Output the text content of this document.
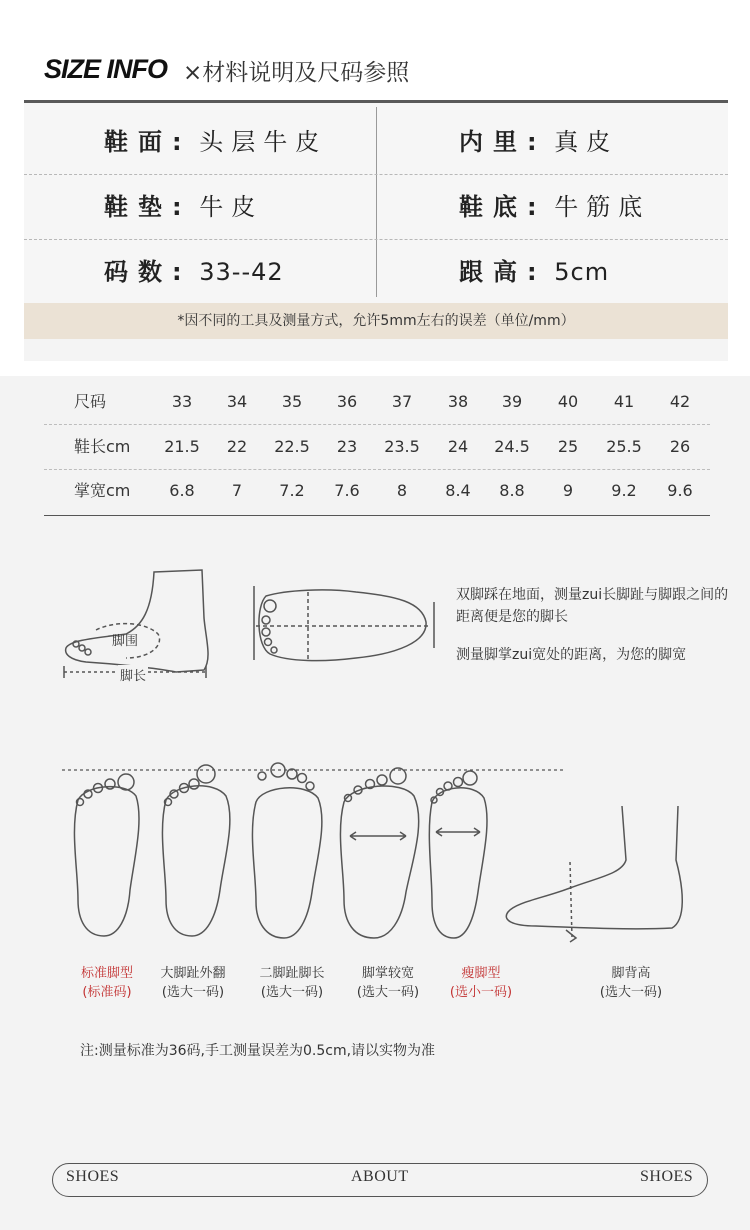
SIZE INFO ×材料说明及尺码参照
鞋面: 头层牛皮	内里: 真皮
鞋垫: 牛皮	鞋底: 牛筋底
码数: 33--42	跟高: 5cm
*因不同的工具及测量方式，允许5mm左右的误差（单位/mm）
尺码	33	34	35	36	37	38	39	40	41	42
鞋长cm	21.5	22	22.5	23	23.5	24	24.5	25	25.5	26
掌宽cm	6.8	7	7.2	7.6	8	8.4	8.8	9	9.2	9.6
脚围
脚长
双脚踩在地面，测量zui长脚趾与脚跟之间的距离便是您的脚长
测量脚掌zui宽处的距离，为您的脚宽
标准脚型
(标准码)
大脚趾外翻
(选大一码)
二脚趾脚长
(选大一码)
脚掌较宽
(选大一码)
瘦脚型
(选小一码)
脚背高
(选大一码)
注:测量标准为36码,手工测量误差为0.5cm,请以实物为准
SHOES	ABOUT	SHOES
